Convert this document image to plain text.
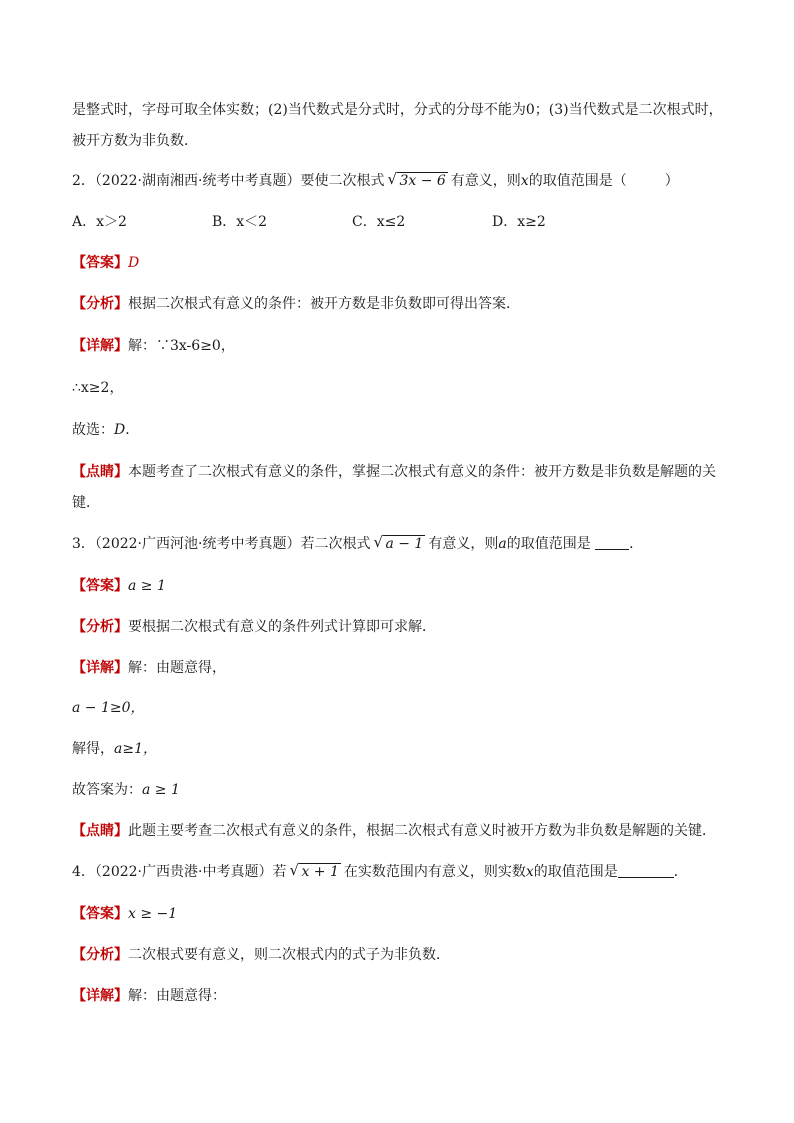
是整式时，字母可取全体实数；(2)当代数式是分式时，分式的分母不能为0；(3)当代数式是二次根式时，
被开方数为非负数．
2．（2022·湖南湘西·统考中考真题）要使二次根式 √ 3x − 6 有意义，则x的取值范围是（	）
A．x＞2	B．x＜2	C．x≤2	D．x≥2
【答案】D
【分析】根据二次根式有意义的条件：被开方数是非负数即可得出答案．
【详解】解：∵3x-6≥0，
∴x≥2，
故选：D．
【点睛】本题考查了二次根式有意义的条件，掌握二次根式有意义的条件：被开方数是非负数是解题的关
键．
3．（2022·广西河池·统考中考真题）若二次根式 √ a − 1 有意义，则a的取值范围是	．
【答案】a ≥ 1
【分析】要根据二次根式有意义的条件列式计算即可求解．
【详解】解：由题意得，
a − 1≥0，
解得，a≥1，
故答案为：a ≥ 1
【点睛】此题主要考查二次根式有意义的条件，根据二次根式有意义时被开方数为非负数是解题的关键．
4．（2022·广西贵港·中考真题）若 √ x + 1 在实数范围内有意义，则实数x的取值范围是	．
【答案】x ≥ −1
【分析】二次根式要有意义，则二次根式内的式子为非负数．
【详解】解：由题意得：
